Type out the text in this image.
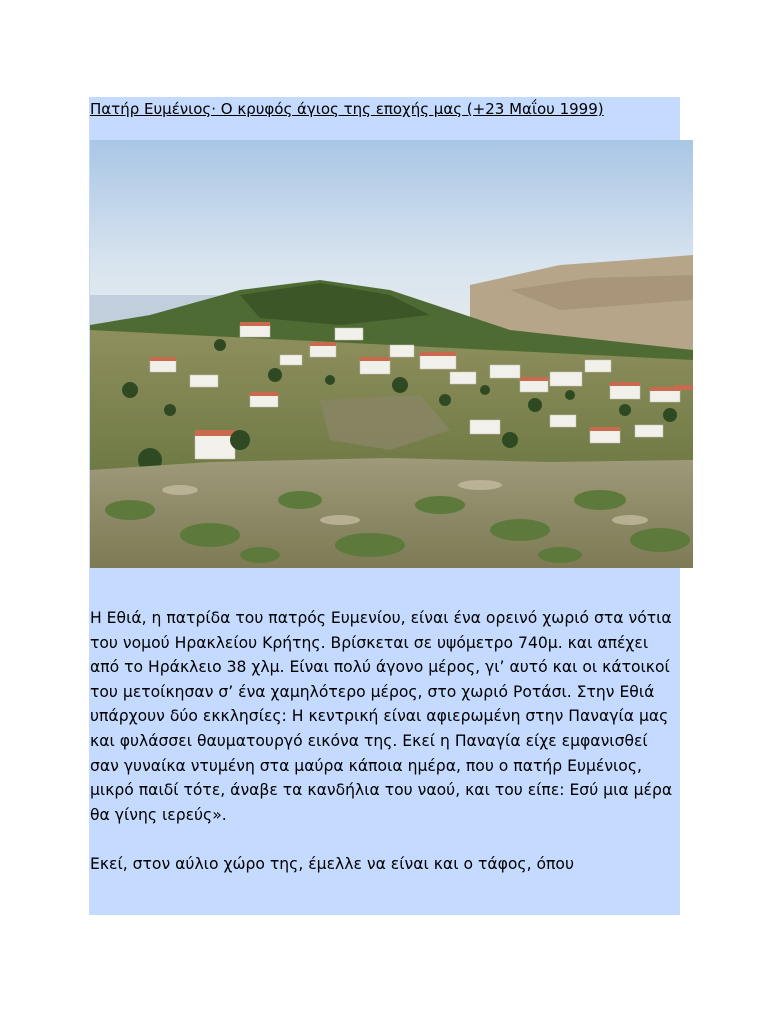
Πατήρ Ευμένιος· Ο κρυφός άγιος της εποχής μας (+23 Μαΐου 1999)

Η Εθιά, η πατρίδα του πατρός Ευμενίου, είναι ένα ορεινό χωριό στα νότια του νομού Ηρακλείου Κρήτης. Βρίσκεται σε υψόμετρο 740μ. και απέχει από το Ηράκλειο 38 χλμ. Είναι πολύ άγονο μέρος, γι’ αυτό και οι κάτοικοί του μετοίκησαν σ’ ένα χαμηλότερο μέρος, στο χωριό Ροτάσι. Στην Εθιά υπάρχουν δύο εκκλησίες: Η κεντρική είναι αφιερωμένη στην Παναγία μας και φυλάσσει θαυματουργό εικόνα της. Εκεί η Παναγία είχε εμφανισθεί σαν γυναίκα ντυμένη στα μαύρα κάποια ημέρα, που ο πατήρ Ευμένιος, μικρό παιδί τότε, άναβε τα κανδήλια του ναού, και του είπε: Εσύ μια μέρα θα γίνης ιερεύς».

Εκεί, στον αύλιο χώρο της, έμελλε να είναι και ο τάφος, όπου
